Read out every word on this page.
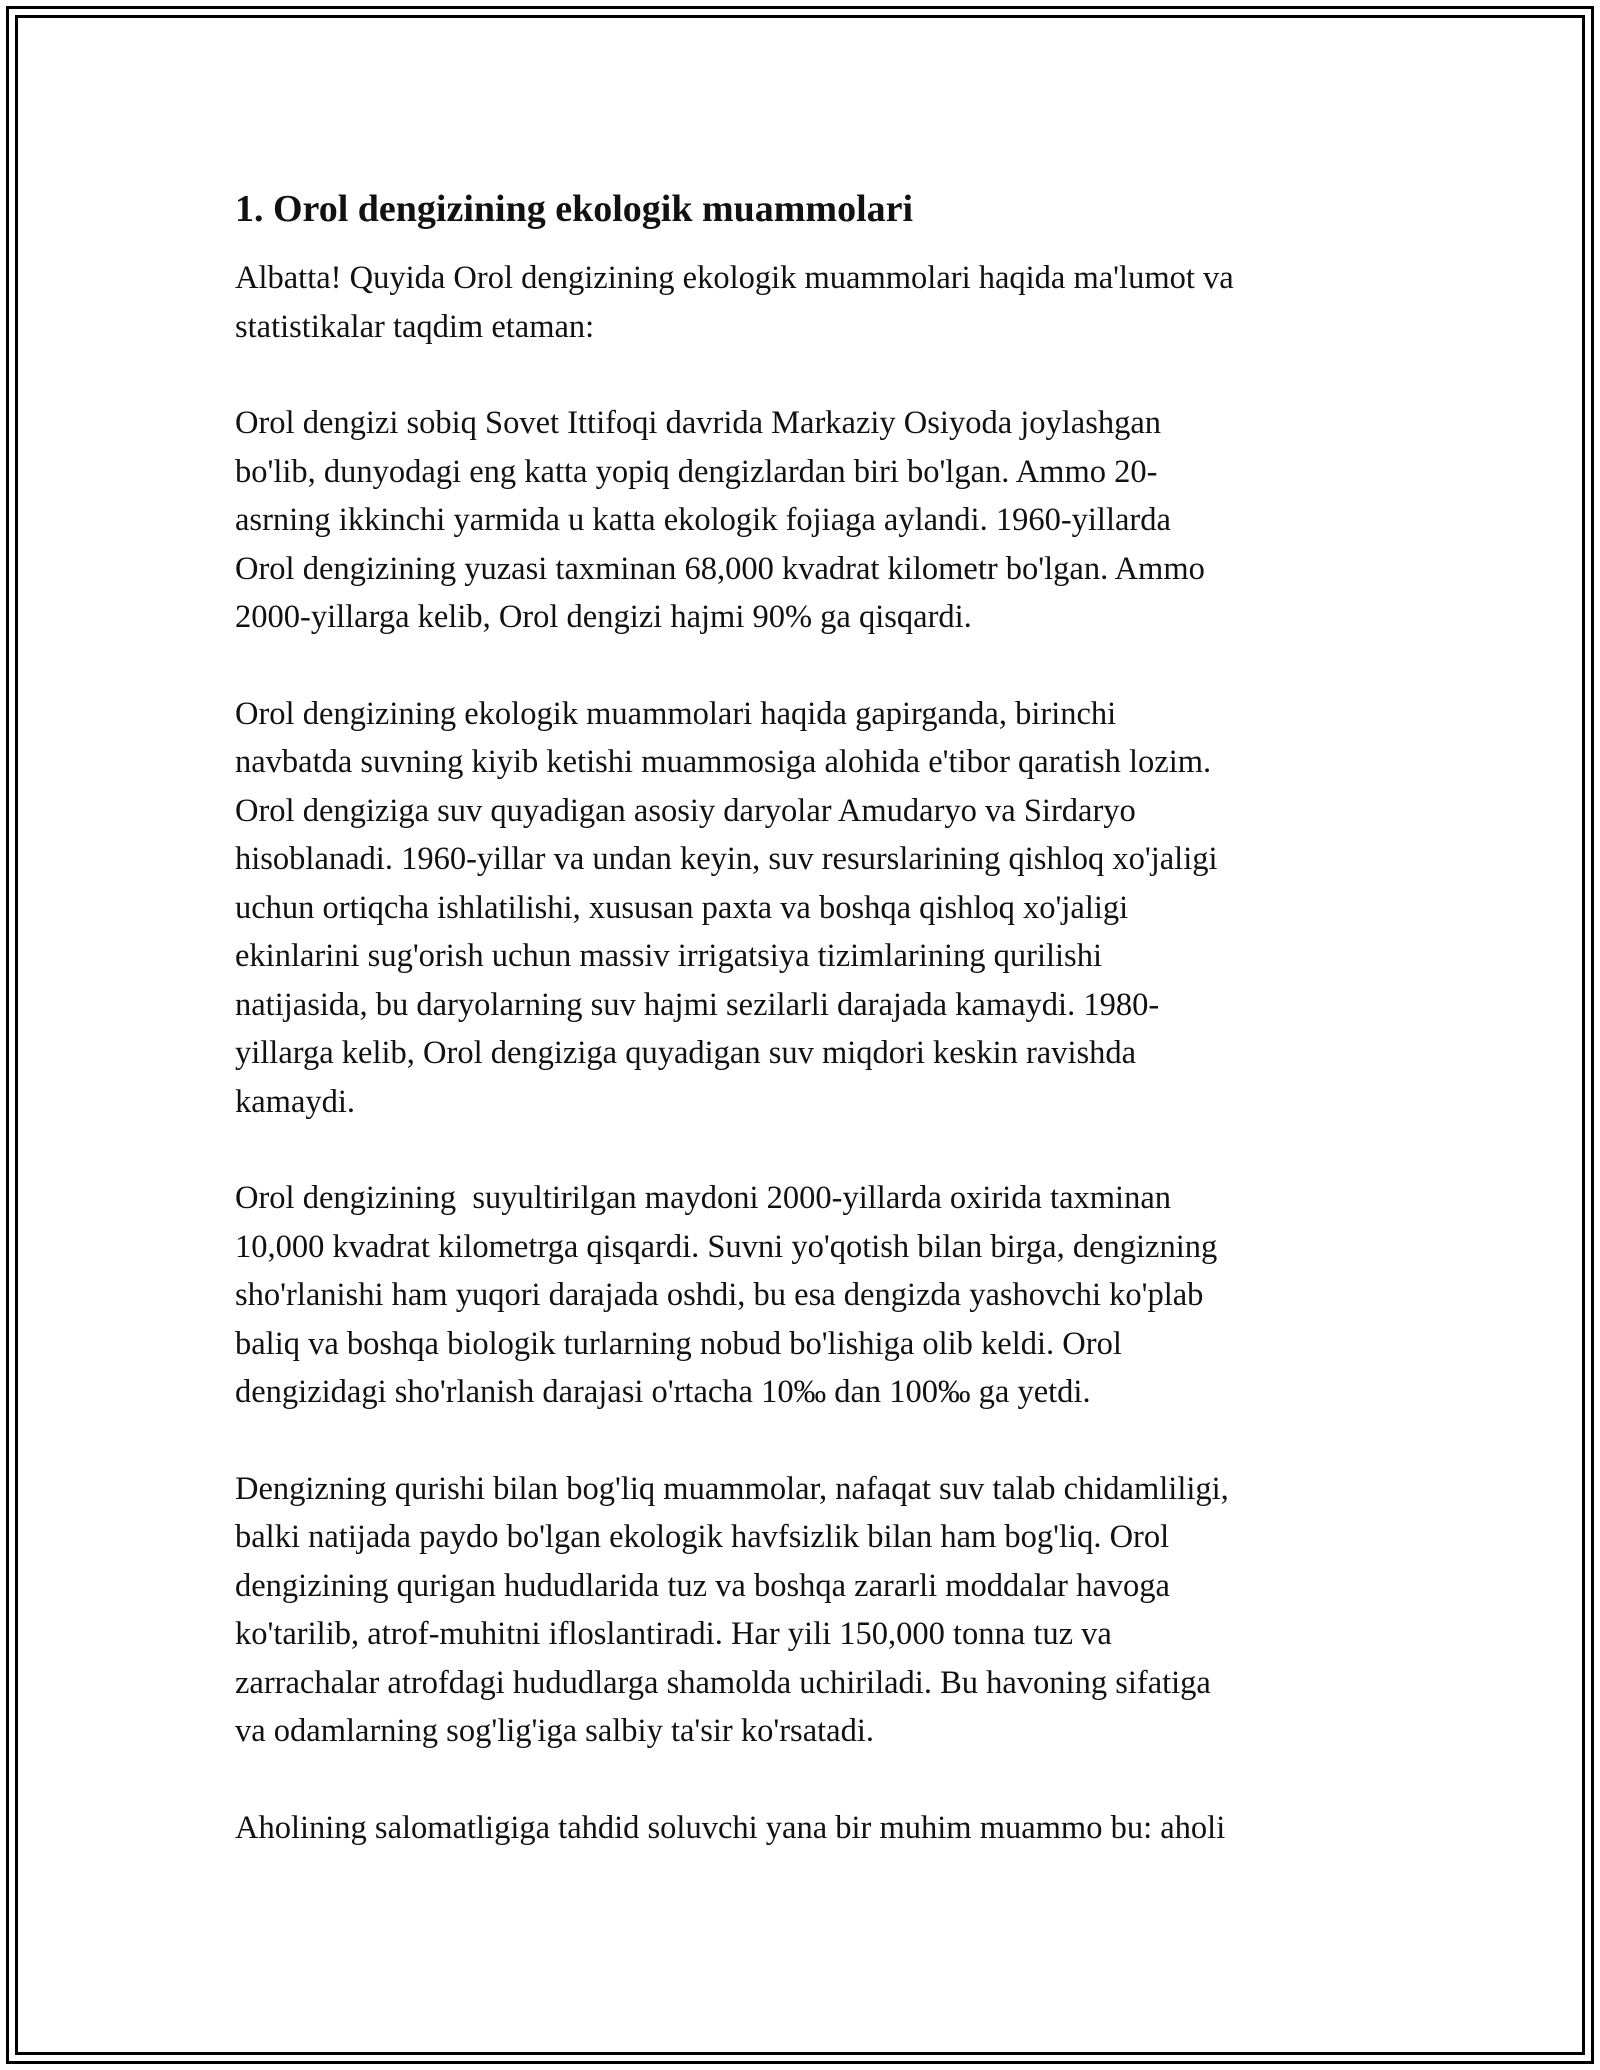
1. Orol dengizining ekologik muammolari

Albatta! Quyida Orol dengizining ekologik muammolari haqida ma'lumot va
statistikalar taqdim etaman:

Orol dengizi sobiq Sovet Ittifoqi davrida Markaziy Osiyoda joylashgan
bo'lib, dunyodagi eng katta yopiq dengizlardan biri bo'lgan. Ammo 20-
asrning ikkinchi yarmida u katta ekologik fojiaga aylandi. 1960-yillarda
Orol dengizining yuzasi taxminan 68,000 kvadrat kilometr bo'lgan. Ammo
2000-yillarga kelib, Orol dengizi hajmi 90% ga qisqardi.

Orol dengizining ekologik muammolari haqida gapirganda, birinchi
navbatda suvning kiyib ketishi muammosiga alohida e'tibor qaratish lozim.
Orol dengiziga suv quyadigan asosiy daryolar Amudaryo va Sirdaryo
hisoblanadi. 1960-yillar va undan keyin, suv resurslarining qishloq xo'jaligi
uchun ortiqcha ishlatilishi, xususan paxta va boshqa qishloq xo'jaligi
ekinlarini sug'orish uchun massiv irrigatsiya tizimlarining qurilishi
natijasida, bu daryolarning suv hajmi sezilarli darajada kamaydi. 1980-
yillarga kelib, Orol dengiziga quyadigan suv miqdori keskin ravishda
kamaydi.

Orol dengizining  suyultirilgan maydoni 2000-yillarda oxirida taxminan
10,000 kvadrat kilometrga qisqardi. Suvni yo'qotish bilan birga, dengizning
sho'rlanishi ham yuqori darajada oshdi, bu esa dengizda yashovchi ko'plab
baliq va boshqa biologik turlarning nobud bo'lishiga olib keldi. Orol
dengizidagi sho'rlanish darajasi o'rtacha 10‰ dan 100‰ ga yetdi.

Dengizning qurishi bilan bog'liq muammolar, nafaqat suv talab chidamliligi,
balki natijada paydo bo'lgan ekologik havfsizlik bilan ham bog'liq. Orol
dengizining qurigan hududlarida tuz va boshqa zararli moddalar havoga
ko'tarilib, atrof-muhitni ifloslantiradi. Har yili 150,000 tonna tuz va
zarrachalar atrofdagi hududlarga shamolda uchiriladi. Bu havoning sifatiga
va odamlarning sog'lig'iga salbiy ta'sir ko'rsatadi.

Aholining salomatligiga tahdid soluvchi yana bir muhim muammo bu: aholi
